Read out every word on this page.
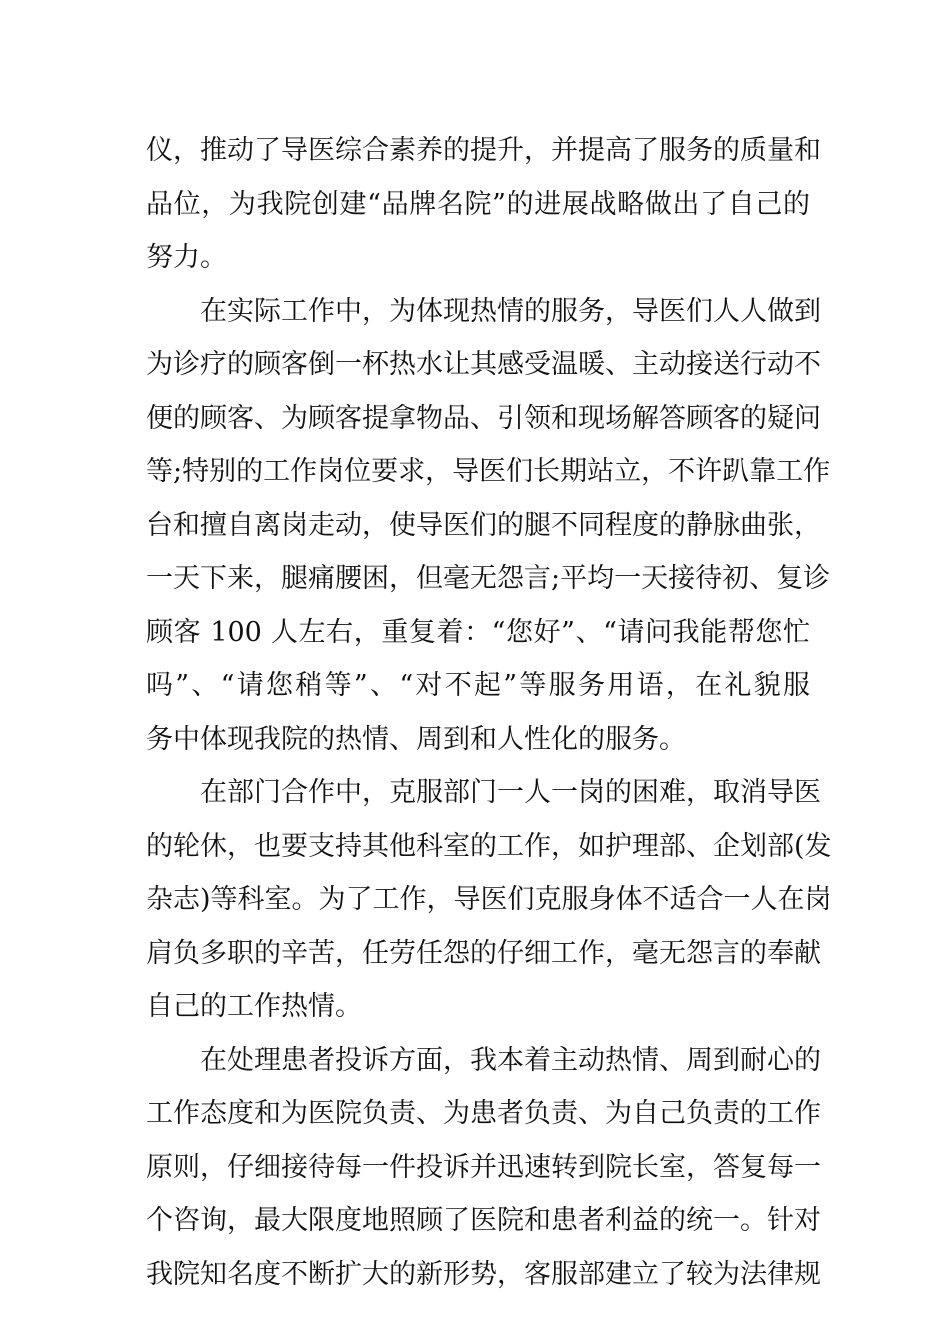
仪，推动了导医综合素养的提升，并提高了服务的质量和
品位，为我院创建“品牌名院”的进展战略做出了自己的
努力。
在实际工作中，为体现热情的服务，导医们人人做到
为诊疗的顾客倒一杯热水让其感受温暖、主动接送行动不
便的顾客、为顾客提拿物品、引领和现场解答顾客的疑问
等;特别的工作岗位要求，导医们长期站立，不许趴靠工作
台和擅自离岗走动，使导医们的腿不同程度的静脉曲张，
一天下来，腿痛腰困，但毫无怨言;平均一天接待初、复诊
顾客 100 人左右，重复着：“您好”、“请问我能帮您忙
吗”、“请您稍等”、“对不起”等服务用语，在礼貌服
务中体现我院的热情、周到和人性化的服务。
在部门合作中，克服部门一人一岗的困难，取消导医
的轮休，也要支持其他科室的工作，如护理部、企划部(发
杂志)等科室。为了工作，导医们克服身体不适合一人在岗
肩负多职的辛苦，任劳任怨的仔细工作，毫无怨言的奉献
自己的工作热情。
在处理患者投诉方面，我本着主动热情、周到耐心的
工作态度和为医院负责、为患者负责、为自己负责的工作
原则，仔细接待每一件投诉并迅速转到院长室，答复每一
个咨询，最大限度地照顾了医院和患者利益的统一。针对
我院知名度不断扩大的新形势，客服部建立了较为法律规
